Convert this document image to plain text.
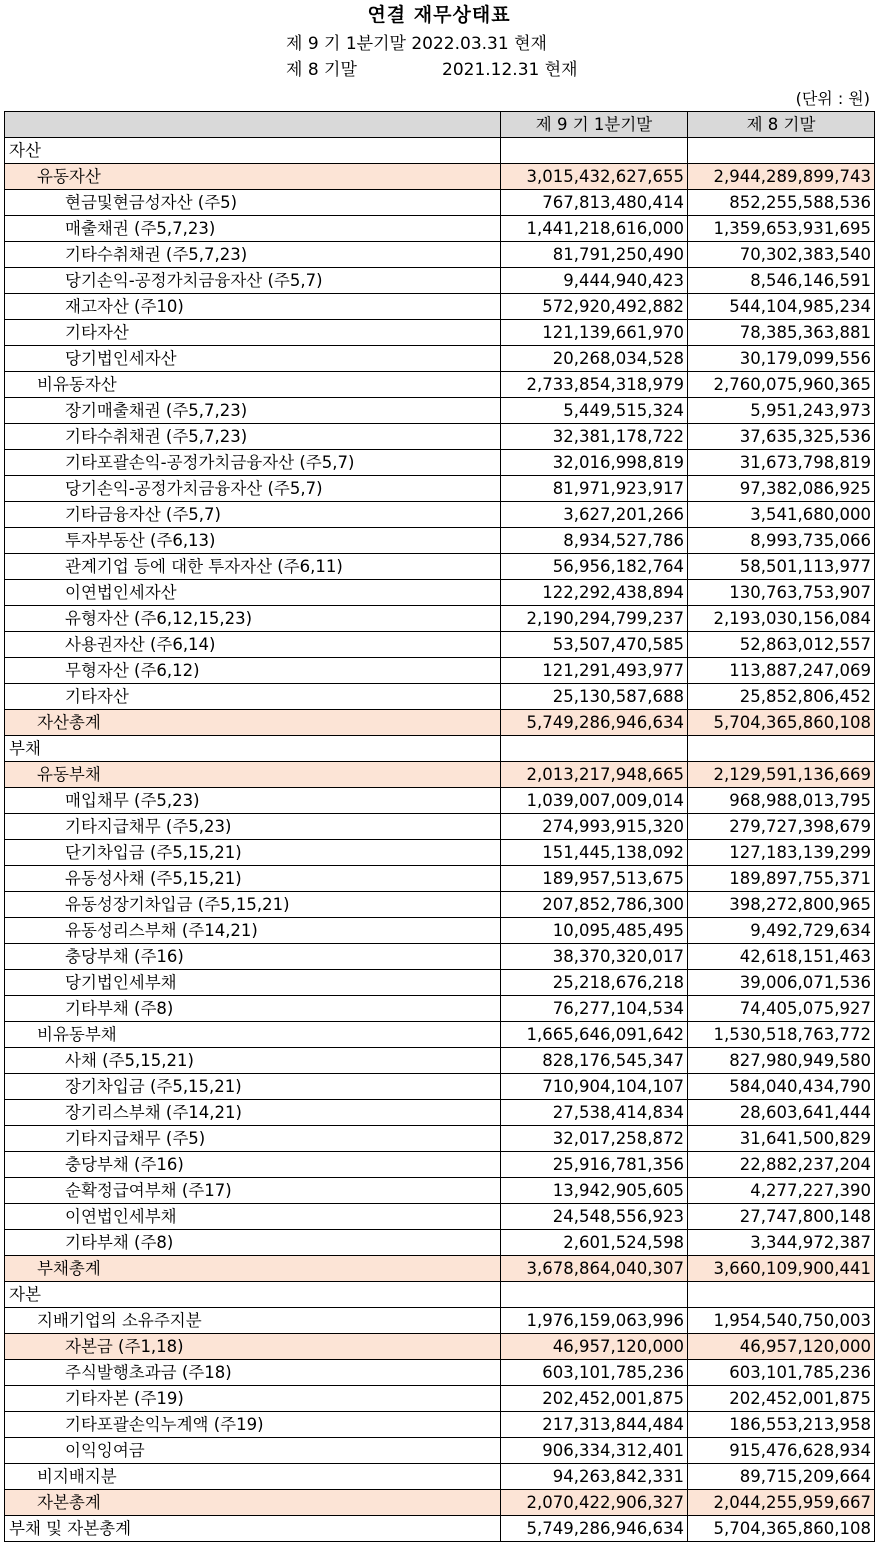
연결 재무상태표
제 9 기 1분기말 2022.03.31 현재
제 8 기말	2021.12.31 현재
(단위 : 원)
	제 9 기 1분기말	제 8 기말
자산		
유동자산	3,015,432,627,655	2,944,289,899,743
현금및현금성자산 (주5)	767,813,480,414	852,255,588,536
매출채권 (주5,7,23)	1,441,218,616,000	1,359,653,931,695
기타수취채권 (주5,7,23)	81,791,250,490	70,302,383,540
당기손익-공정가치금융자산 (주5,7)	9,444,940,423	8,546,146,591
재고자산 (주10)	572,920,492,882	544,104,985,234
기타자산	121,139,661,970	78,385,363,881
당기법인세자산	20,268,034,528	30,179,099,556
비유동자산	2,733,854,318,979	2,760,075,960,365
장기매출채권 (주5,7,23)	5,449,515,324	5,951,243,973
기타수취채권 (주5,7,23)	32,381,178,722	37,635,325,536
기타포괄손익-공정가치금융자산 (주5,7)	32,016,998,819	31,673,798,819
당기손익-공정가치금융자산 (주5,7)	81,971,923,917	97,382,086,925
기타금융자산 (주5,7)	3,627,201,266	3,541,680,000
투자부동산 (주6,13)	8,934,527,786	8,993,735,066
관계기업 등에 대한 투자자산 (주6,11)	56,956,182,764	58,501,113,977
이연법인세자산	122,292,438,894	130,763,753,907
유형자산 (주6,12,15,23)	2,190,294,799,237	2,193,030,156,084
사용권자산 (주6,14)	53,507,470,585	52,863,012,557
무형자산 (주6,12)	121,291,493,977	113,887,247,069
기타자산	25,130,587,688	25,852,806,452
자산총계	5,749,286,946,634	5,704,365,860,108
부채		
유동부채	2,013,217,948,665	2,129,591,136,669
매입채무 (주5,23)	1,039,007,009,014	968,988,013,795
기타지급채무 (주5,23)	274,993,915,320	279,727,398,679
단기차입금 (주5,15,21)	151,445,138,092	127,183,139,299
유동성사채 (주5,15,21)	189,957,513,675	189,897,755,371
유동성장기차입금 (주5,15,21)	207,852,786,300	398,272,800,965
유동성리스부채 (주14,21)	10,095,485,495	9,492,729,634
충당부채 (주16)	38,370,320,017	42,618,151,463
당기법인세부채	25,218,676,218	39,006,071,536
기타부채 (주8)	76,277,104,534	74,405,075,927
비유동부채	1,665,646,091,642	1,530,518,763,772
사채 (주5,15,21)	828,176,545,347	827,980,949,580
장기차입금 (주5,15,21)	710,904,104,107	584,040,434,790
장기리스부채 (주14,21)	27,538,414,834	28,603,641,444
기타지급채무 (주5)	32,017,258,872	31,641,500,829
충당부채 (주16)	25,916,781,356	22,882,237,204
순확정급여부채 (주17)	13,942,905,605	4,277,227,390
이연법인세부채	24,548,556,923	27,747,800,148
기타부채 (주8)	2,601,524,598	3,344,972,387
부채총계	3,678,864,040,307	3,660,109,900,441
자본		
지배기업의 소유주지분	1,976,159,063,996	1,954,540,750,003
자본금 (주1,18)	46,957,120,000	46,957,120,000
주식발행초과금 (주18)	603,101,785,236	603,101,785,236
기타자본 (주19)	202,452,001,875	202,452,001,875
기타포괄손익누계액 (주19)	217,313,844,484	186,553,213,958
이익잉여금	906,334,312,401	915,476,628,934
비지배지분	94,263,842,331	89,715,209,664
자본총계	2,070,422,906,327	2,044,255,959,667
부채 및 자본총계	5,749,286,946,634	5,704,365,860,108
